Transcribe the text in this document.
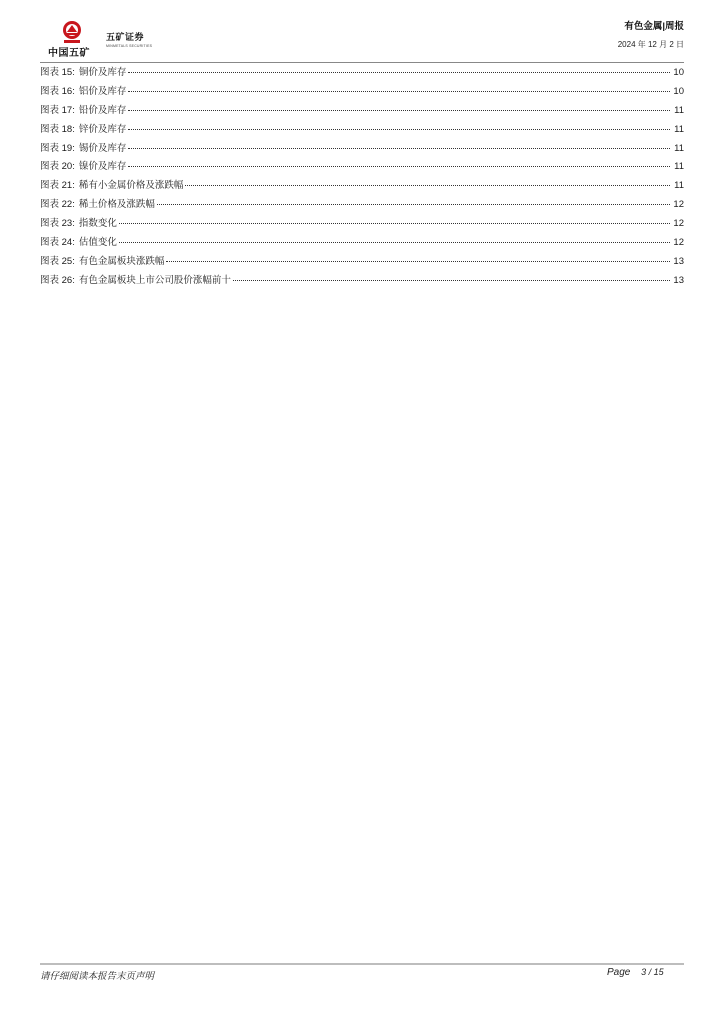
中国五矿
五矿证券
MINMETALS SECURITIES
有色金属|周报
2024 年 12 月 2 日
图表 15: 铜价及库存	10
图表 16: 铝价及库存	10
图表 17: 铅价及库存	11
图表 18: 锌价及库存	11
图表 19: 锡价及库存	11
图表 20: 镍价及库存	11
图表 21: 稀有小金属价格及涨跌幅	11
图表 22: 稀土价格及涨跌幅	12
图表 23: 指数变化	12
图表 24: 估值变化	12
图表 25: 有色金属板块涨跌幅	13
图表 26: 有色金属板块上市公司股价涨幅前十	13
请仔细阅读本报告末页声明	Page 3 / 15
